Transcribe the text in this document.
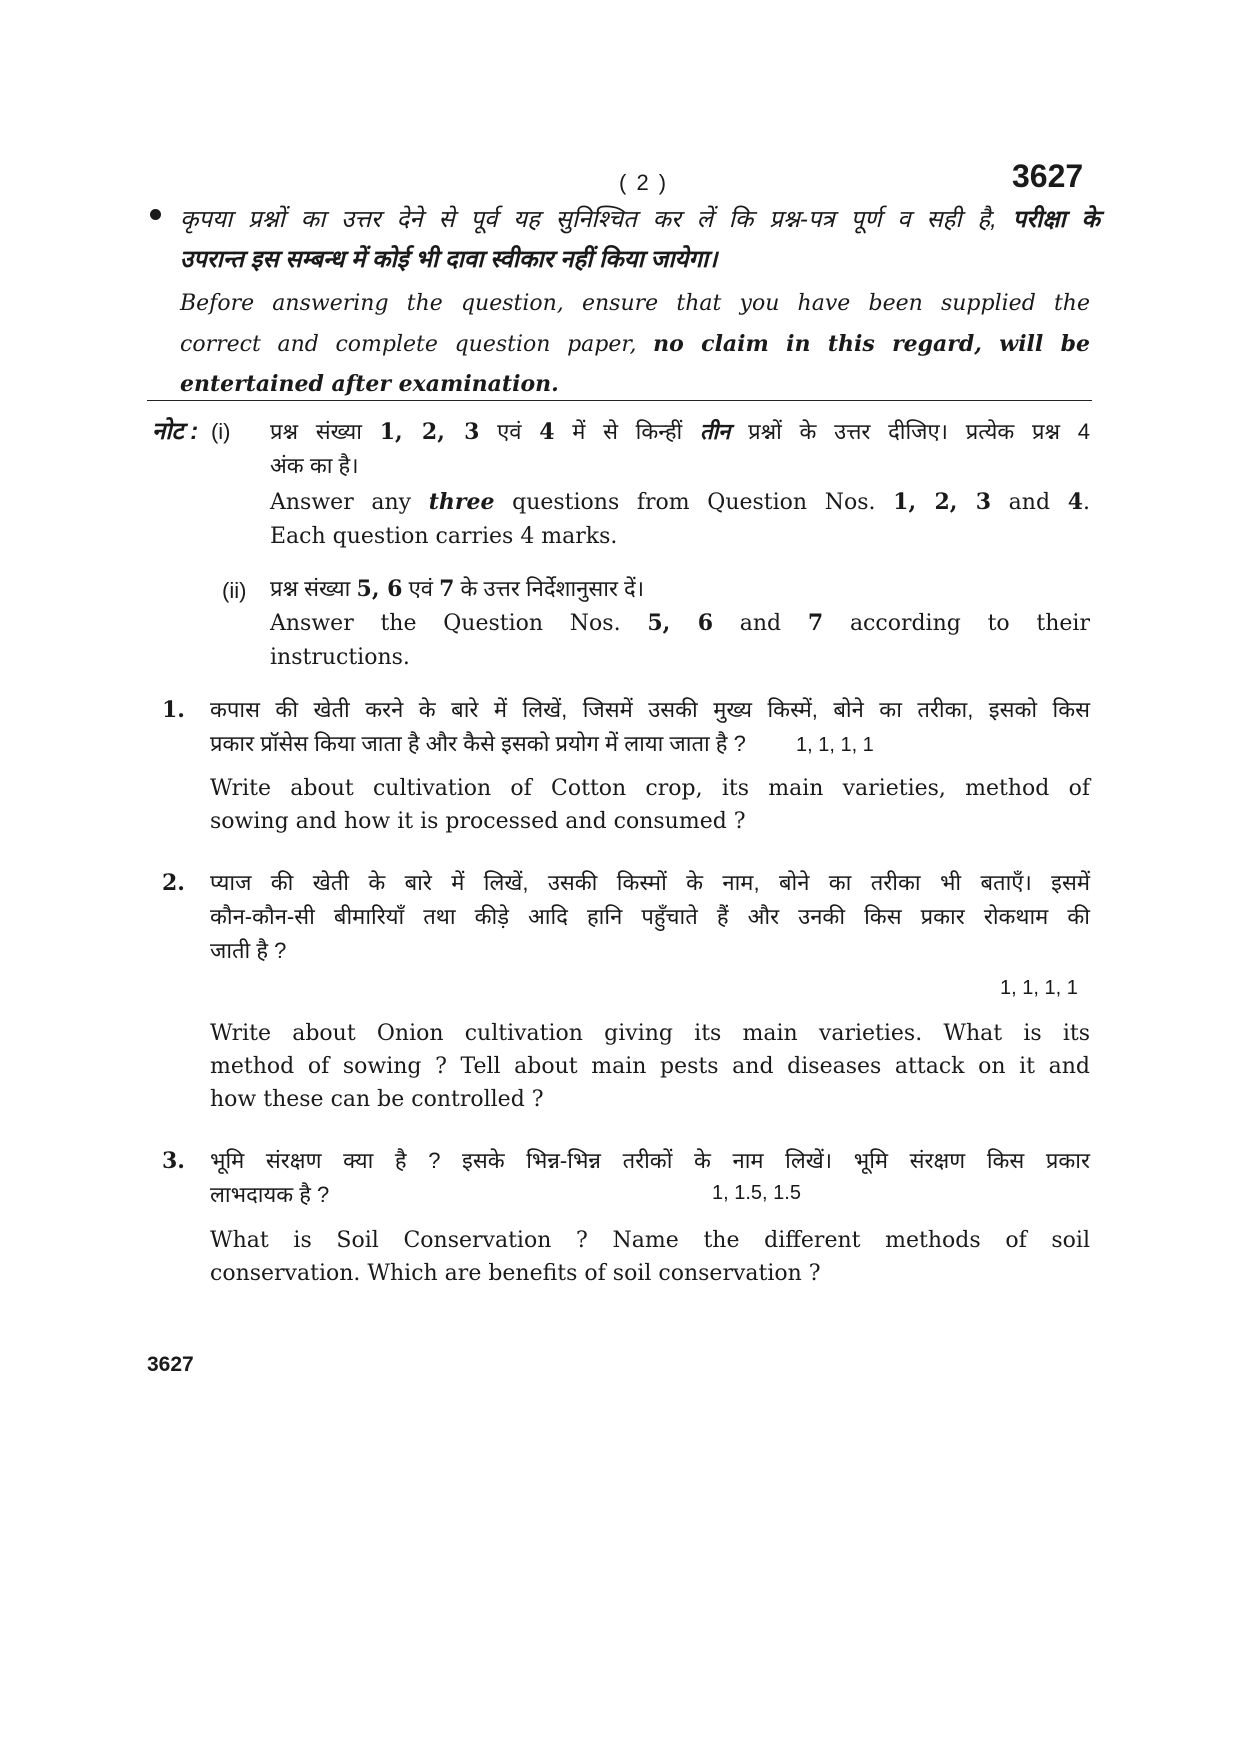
( 2 )	3627
कृपया प्रश्नों का उत्तर देने से पूर्व यह सुनिश्चित कर लें कि प्रश्न-पत्र पूर्ण व सही है, परीक्षा के
उपरान्त इस सम्बन्ध में कोई भी दावा स्वीकार नहीं किया जायेगा।
Before answering the question, ensure that you have been supplied the
correct and complete question paper, no claim in this regard, will be
entertained after examination.
नोट : (i) प्रश्न संख्या 1, 2, 3 एवं 4 में से किन्हीं तीन प्रश्नों के उत्तर दीजिए। प्रत्येक प्रश्न 4
अंक का है।
Answer any three questions from Question Nos. 1, 2, 3 and 4.
Each question carries 4 marks.
(ii) प्रश्न संख्या 5, 6 एवं 7 के उत्तर निर्देशानुसार दें।
Answer the Question Nos. 5, 6 and 7 according to their
instructions.
1. कपास की खेती करने के बारे में लिखें, जिसमें उसकी मुख्य किस्में, बोने का तरीका, इसको किस
प्रकार प्रॉसेस किया जाता है और कैसे इसको प्रयोग में लाया जाता है ?	1, 1, 1, 1
Write about cultivation of Cotton crop, its main varieties, method of
sowing and how it is processed and consumed ?
2. प्याज की खेती के बारे में लिखें, उसकी किस्मों के नाम, बोने का तरीका भी बताएँ। इसमें
कौन-कौन-सी बीमारियाँ तथा कीड़े आदि हानि पहुँचाते हैं और उनकी किस प्रकार रोकथाम की
जाती है ?
1, 1, 1, 1
Write about Onion cultivation giving its main varieties. What is its
method of sowing ? Tell about main pests and diseases attack on it and
how these can be controlled ?
3. भूमि संरक्षण क्या है ? इसके भिन्न-भिन्न तरीकों के नाम लिखें। भूमि संरक्षण किस प्रकार
लाभदायक है ?	1, 1.5, 1.5
What is Soil Conservation ? Name the different methods of soil
conservation. Which are benefits of soil conservation ?
3627
